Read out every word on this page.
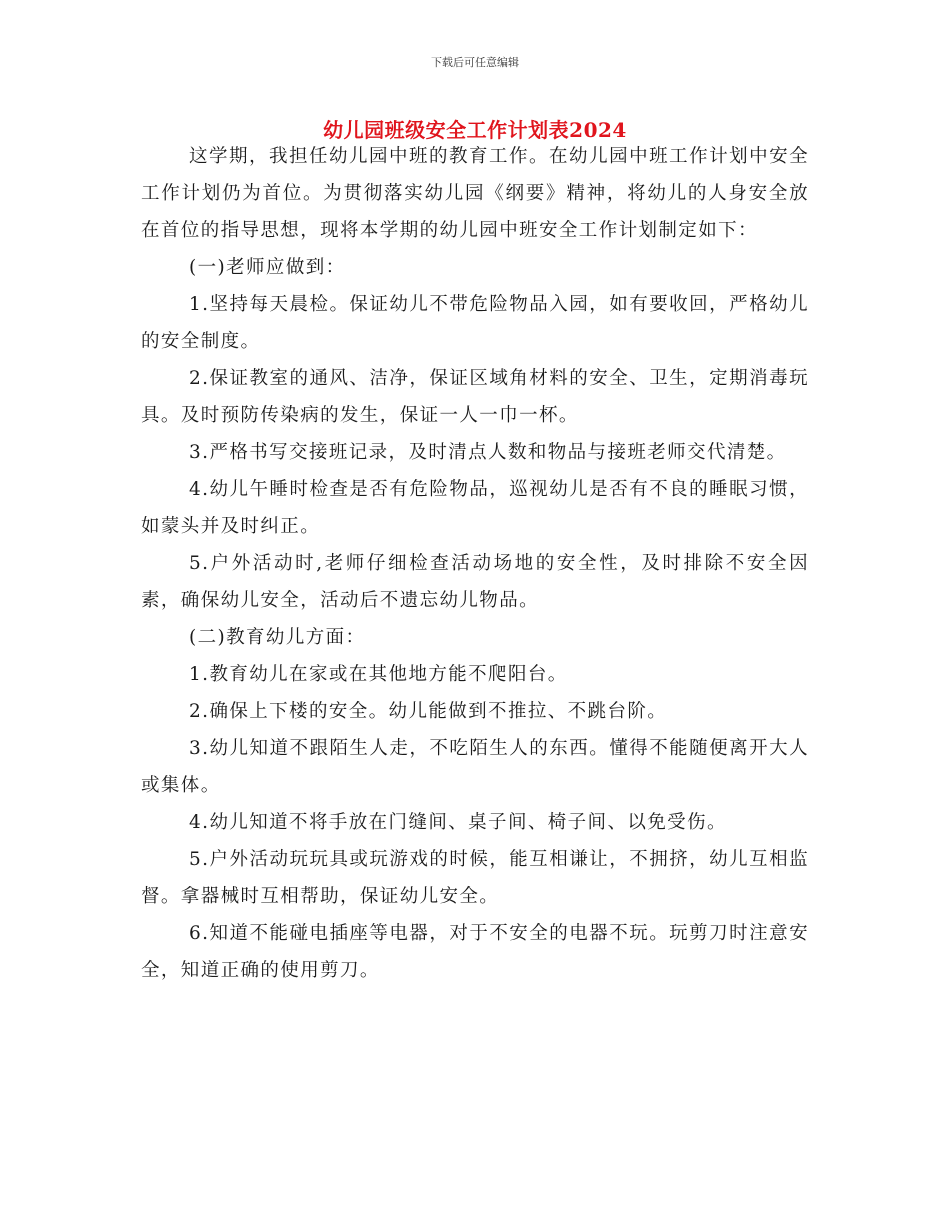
下载后可任意编辑
幼儿园班级安全工作计划表2024

这学期，我担任幼儿园中班的教育工作。在幼儿园中班工作计划中安全工作计划仍为首位。为贯彻落实幼儿园《纲要》精神，将幼儿的人身安全放在首位的指导思想，现将本学期的幼儿园中班安全工作计划制定如下：

(一)老师应做到：

1.坚持每天晨检。保证幼儿不带危险物品入园，如有要收回，严格幼儿的安全制度。

2.保证教室的通风、洁净，保证区域角材料的安全、卫生，定期消毒玩具。及时预防传染病的发生，保证一人一巾一杯。

3.严格书写交接班记录，及时清点人数和物品与接班老师交代清楚。

4.幼儿午睡时检查是否有危险物品，巡视幼儿是否有不良的睡眠习惯，如蒙头并及时纠正。

5.户外活动时,老师仔细检查活动场地的安全性，及时排除不安全因素，确保幼儿安全，活动后不遗忘幼儿物品。

(二)教育幼儿方面：

1.教育幼儿在家或在其他地方能不爬阳台。

2.确保上下楼的安全。幼儿能做到不推拉、不跳台阶。

3.幼儿知道不跟陌生人走，不吃陌生人的东西。懂得不能随便离开大人或集体。

4.幼儿知道不将手放在门缝间、桌子间、椅子间、以免受伤。

5.户外活动玩玩具或玩游戏的时候，能互相谦让，不拥挤，幼儿互相监督。拿器械时互相帮助，保证幼儿安全。

6.知道不能碰电插座等电器，对于不安全的电器不玩。玩剪刀时注意安全，知道正确的使用剪刀。
